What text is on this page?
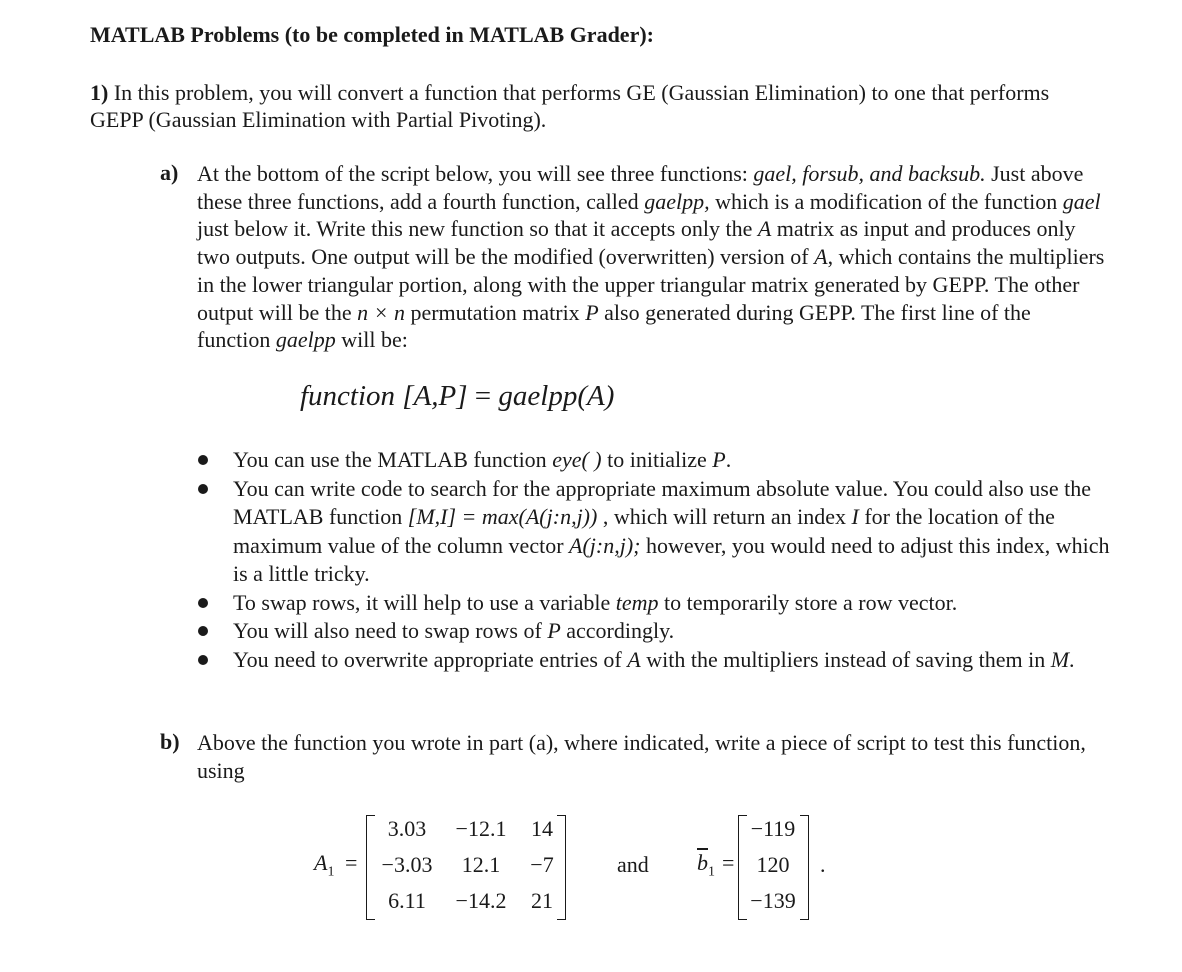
MATLAB Problems (to be completed in MATLAB Grader):
1) In this problem, you will convert a function that performs GE (Gaussian Elimination) to one that performs GEPP (Gaussian Elimination with Partial Pivoting).
a) At the bottom of the script below, you will see three functions: gael, forsub, and backsub. Just above these three functions, add a fourth function, called gaelpp, which is a modification of the function gael just below it. Write this new function so that it accepts only the A matrix as input and produces only two outputs. One output will be the modified (overwritten) version of A, which contains the multipliers in the lower triangular portion, along with the upper triangular matrix generated by GEPP. The other output will be the n × n permutation matrix P also generated during GEPP. The first line of the function gaelpp will be:
function [A,P] = gaelpp(A)
You can use the MATLAB function eye( ) to initialize P.
You can write code to search for the appropriate maximum absolute value. You could also use the MATLAB function [M,I] = max(A(j:n,j)) , which will return an index I for the location of the maximum value of the column vector A(j:n,j); however, you would need to adjust this index, which is a little tricky.
To swap rows, it will help to use a variable temp to temporarily store a row vector.
You will also need to swap rows of P accordingly.
You need to overwrite appropriate entries of A with the multipliers instead of saving them in M.
b) Above the function you wrote in part (a), where indicated, write a piece of script to test this function, using
$A_1$ =
3.03	−12.1	14
−3.03	12.1	−7
6.11	−14.2	21
and $\overline{b}_1$ =
−119
120
−139
.
